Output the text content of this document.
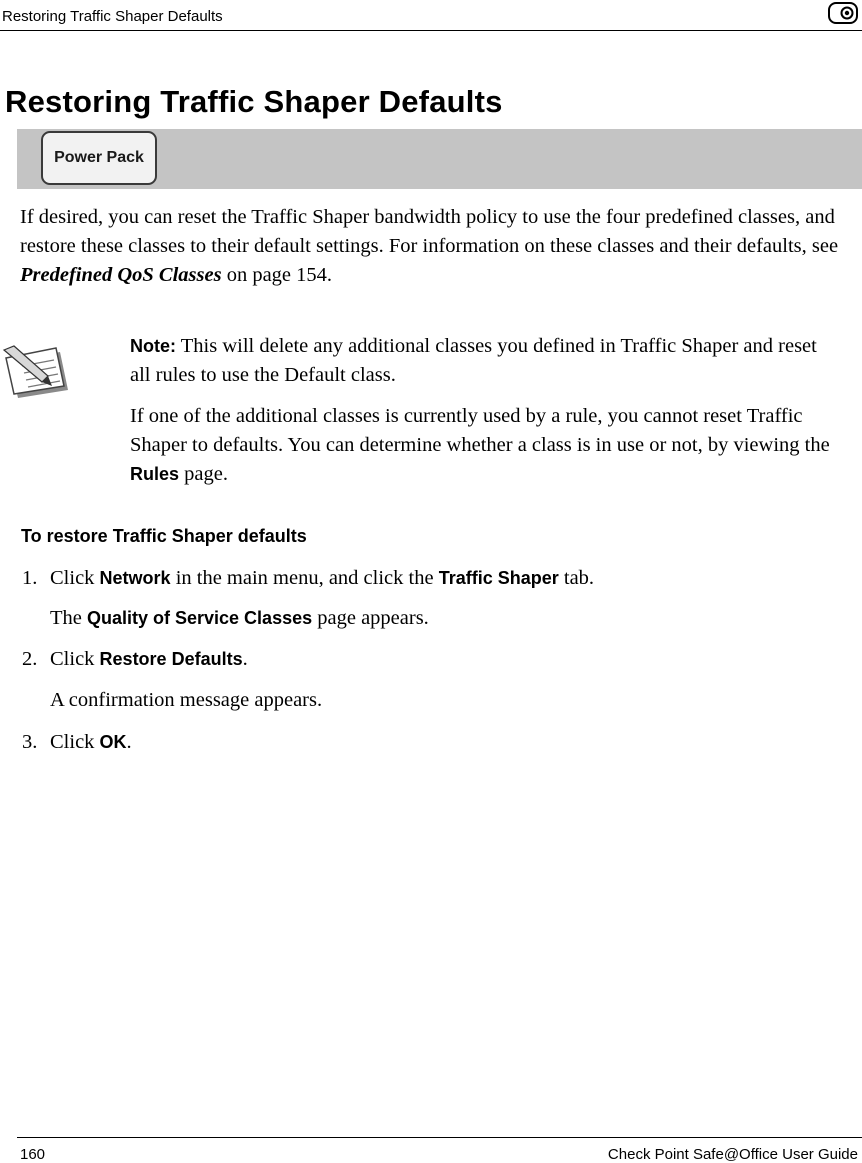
Restoring Traffic Shaper Defaults
Restoring Traffic Shaper Defaults
Power Pack

If desired, you can reset the Traffic Shaper bandwidth policy to use the four predefined classes, and restore these classes to their default settings. For information on these classes and their defaults, see Predefined QoS Classes on page 154.

Note: This will delete any additional classes you defined in Traffic Shaper and reset all rules to use the Default class.

If one of the additional classes is currently used by a rule, you cannot reset Traffic Shaper to defaults. You can determine whether a class is in use or not, by viewing the Rules page.

To restore Traffic Shaper defaults
1. Click Network in the main menu, and click the Traffic Shaper tab.

The Quality of Service Classes page appears.

2. Click Restore Defaults.

A confirmation message appears.

3. Click OK.

160	Check Point Safe@Office User Guide
